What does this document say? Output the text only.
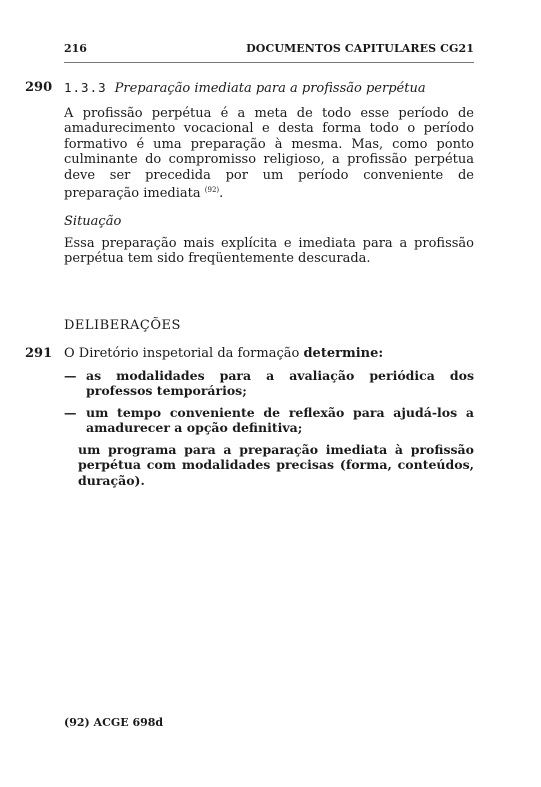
216	DOCUMENTOS CAPITULARES CG21
290 1.3.3 Preparação imediata para a profissão perpétua
A profissão perpétua é a meta de todo esse período de amadurecimento vocacional e desta forma todo o período formativo é uma preparação à mesma. Mas, como ponto culminante do compromisso religioso, a profissão perpétua deve ser precedida por um período conveniente de preparação imediata $^{(92)}$.
Situação
Essa preparação mais explícita e imediata para a profissão perpétua tem sido freqüentemente descurada.
DELIBERAÇÕES
291 O Diretório inspetorial da formação determine:
— as modalidades para a avaliação periódica dos professos temporários;
— um tempo conveniente de reflexão para ajudá-los a amadurecer a opção definitiva;
um programa para a preparação imediata à profissão perpétua com modalidades precisas (forma, conteúdos, duração).
(92) ACGE 698d
